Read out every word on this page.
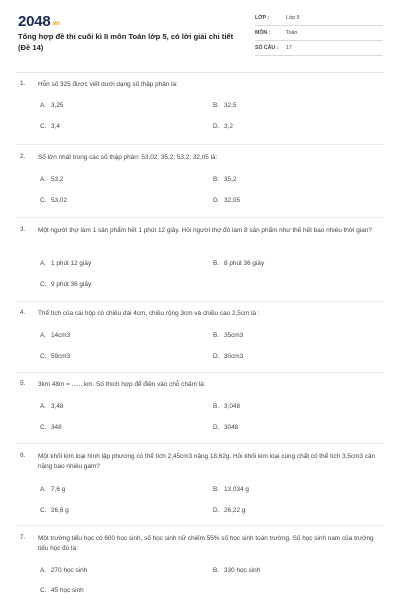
2048.vn
Tổng hợp đề thi cuối kì II môn Toán lớp 5, có lời giải chi tiết (Đề 14)
LỚP :	Lớp 5
MÔN :	Toán
SỐ CÂU : 17
1.	Hỗn số 325 được viết dưới dạng số thập phân là:
A. 3,25	B. 32,5
C. 3,4	D. 3,2
2.	Số lớn nhất trong các số thập phân: 53,02; 35,2; 53,2; 32,05 là:
A. 53,2	B. 35,2
C. 53,02	D. 32,05
3.	Một người thợ làm 1 sản phẩm hết 1 phút 12 giây. Hỏi người thợ đó làm 8 sản phẩm như thế hết bao nhiêu thời gian?
A. 1 phút 12 giây	B. 8 phút 36 giây
C. 9 phút 36 giây
4.	Thể tích của cái hộp có chiều dài 4cm, chiều rộng 3cm và chiều cao 2,5cm là :
A. 14cm3	B. 35cm3
C. 59cm3	D. 30cm3
5.	3km 48m = .......km. Số thích hợp để điền vào chỗ chấm là:
A. 3,48	B. 3,048
C. 348	D. 3048
6.	Một khối kim loại hình lập phương có thể tích 2,45cm3 nặng 18,62g. Hỏi khối kim loại cùng chất có thể tích 3,5cm3 cân nặng bao nhiêu gam?
A. 7,6 g	B. 13,034 g
C. 26,6 g	D. 26,22 g
7.	Một trường tiểu học có 600 học sinh, số học sinh nữ chiếm 55% số học sinh toàn trường. Số học sinh nam của trường tiểu học đó là:
A. 270 học sinh	B. 330 học sinh
C. 45 học sinh
